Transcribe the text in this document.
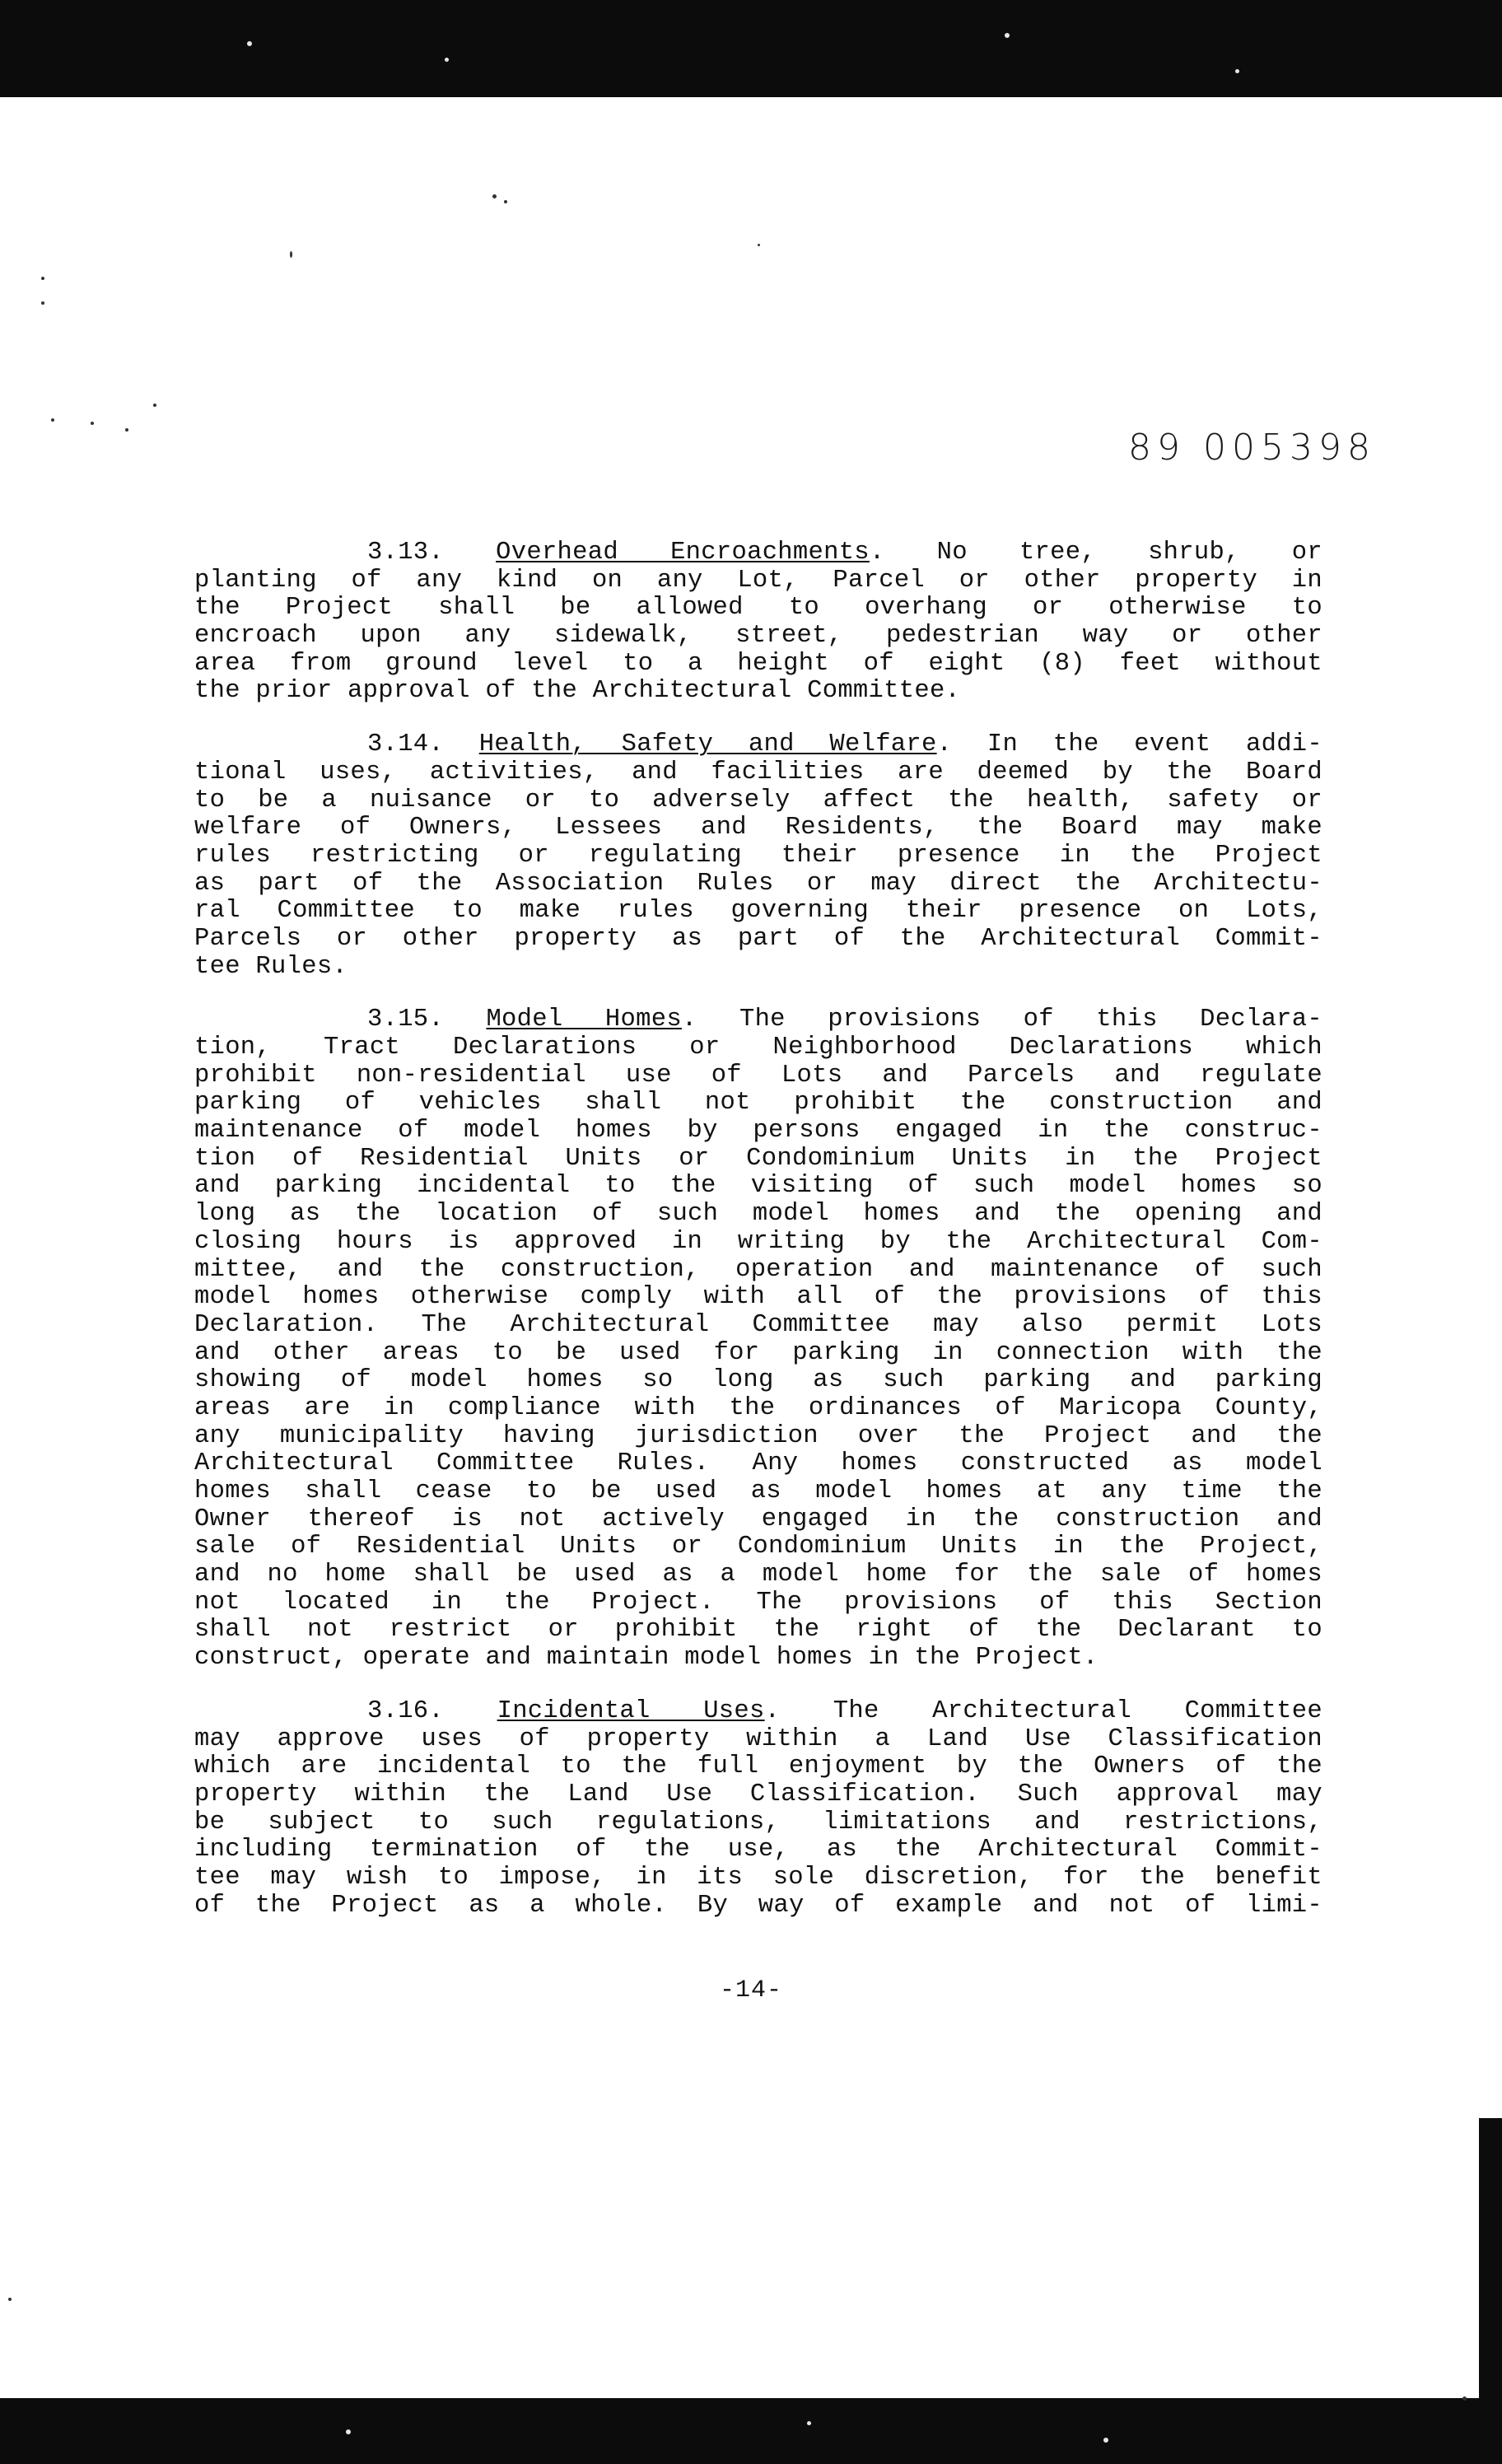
89 005398
3.13. Overhead Encroachments. No tree, shrub, or
planting of any kind on any Lot, Parcel or other property in
the Project shall be allowed to overhang or otherwise to
encroach upon any sidewalk, street, pedestrian way or other
area from ground level to a height of eight (8) feet without
the prior approval of the Architectural Committee.
3.14. Health, Safety and Welfare. In the event addi-
tional uses, activities, and facilities are deemed by the Board
to be a nuisance or to adversely affect the health, safety or
welfare of Owners, Lessees and Residents, the Board may make
rules restricting or regulating their presence in the Project
as part of the Association Rules or may direct the Architectu-
ral Committee to make rules governing their presence on Lots,
Parcels or other property as part of the Architectural Commit-
tee Rules.
3.15. Model Homes. The provisions of this Declara-
tion, Tract Declarations or Neighborhood Declarations which
prohibit non-residential use of Lots and Parcels and regulate
parking of vehicles shall not prohibit the construction and
maintenance of model homes by persons engaged in the construc-
tion of Residential Units or Condominium Units in the Project
and parking incidental to the visiting of such model homes so
long as the location of such model homes and the opening and
closing hours is approved in writing by the Architectural Com-
mittee, and the construction, operation and maintenance of such
model homes otherwise comply with all of the provisions of this
Declaration. The Architectural Committee may also permit Lots
and other areas to be used for parking in connection with the
showing of model homes so long as such parking and parking
areas are in compliance with the ordinances of Maricopa County,
any municipality having jurisdiction over the Project and the
Architectural Committee Rules. Any homes constructed as model
homes shall cease to be used as model homes at any time the
Owner thereof is not actively engaged in the construction and
sale of Residential Units or Condominium Units in the Project,
and no home shall be used as a model home for the sale of homes
not located in the Project. The provisions of this Section
shall not restrict or prohibit the right of the Declarant to
construct, operate and maintain model homes in the Project.
3.16. Incidental Uses. The Architectural Committee
may approve uses of property within a Land Use Classification
which are incidental to the full enjoyment by the Owners of the
property within the Land Use Classification. Such approval may
be subject to such regulations, limitations and restrictions,
including termination of the use, as the Architectural Commit-
tee may wish to impose, in its sole discretion, for the benefit
of the Project as a whole. By way of example and not of limi-
-14-
